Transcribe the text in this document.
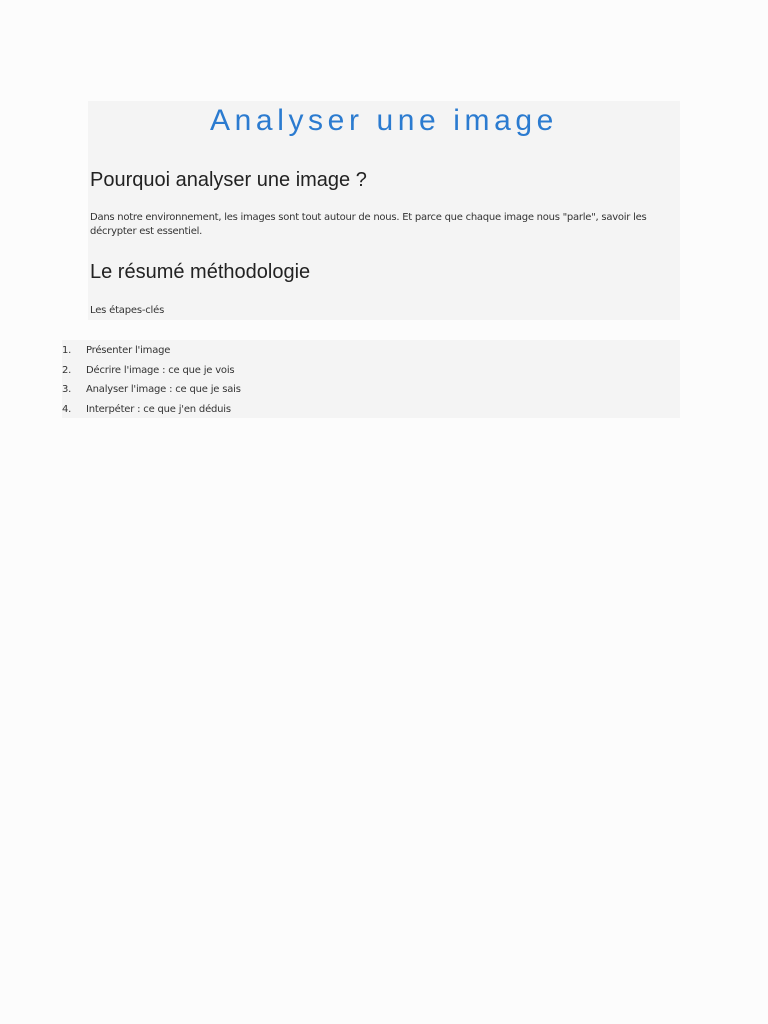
Analyser une image
Pourquoi analyser une image ?

Dans notre environnement, les images sont tout autour de nous. Et parce que chaque image nous "parle", savoir les décrypter est essentiel.

Le résumé méthodologie

Les étapes-clés

1. Présenter l'image
2. Décrire l'image : ce que je vois
3. Analyser l'image : ce que je sais
4. Interpéter : ce que j'en déduis
